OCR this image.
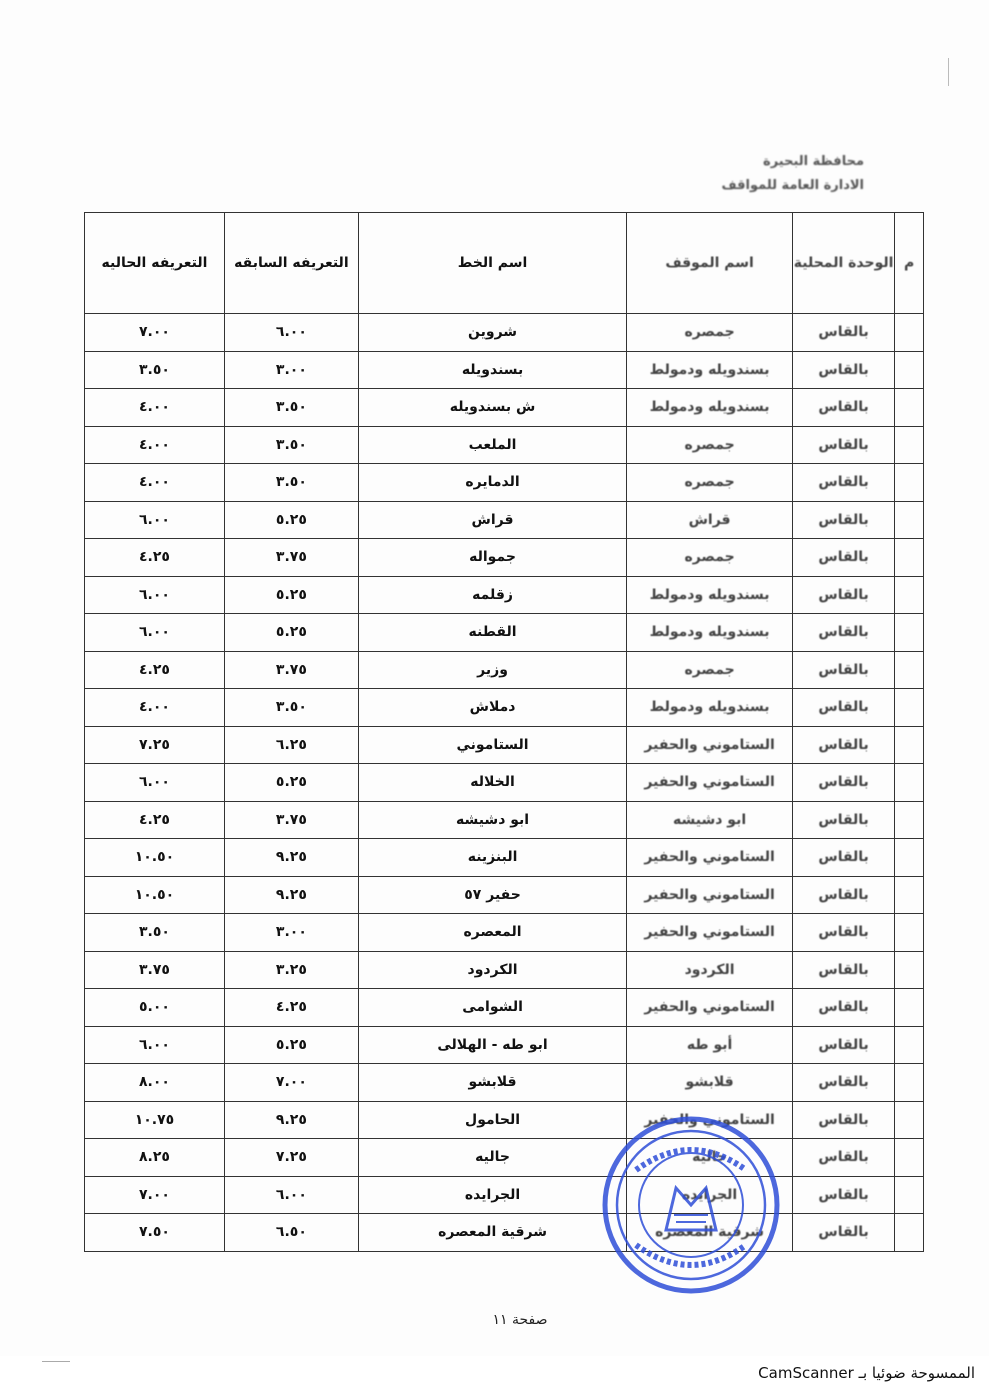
محافظة البحيرة
الادارة العامة للمواقف
م	الوحدة المحلية	اسم الموقف	اسم الخط	التعريفه السابقه	التعريفه الحاليه
	بالقاس	جمصره	شروين	٦.٠٠	٧.٠٠
	بالقاس	بسندويله ودمولط	بسندويله	٣.٠٠	٣.٥٠
	بالقاس	بسندويله ودمولط	ش بسندويله	٣.٥٠	٤.٠٠
	بالقاس	جمصره	الملعب	٣.٥٠	٤.٠٠
	بالقاس	جمصره	الدمايره	٣.٥٠	٤.٠٠
	بالقاس	قراش	قراش	٥.٢٥	٦.٠٠
	بالقاس	جمصره	جمواله	٣.٧٥	٤.٢٥
	بالقاس	بسندويله ودمولط	زقلمه	٥.٢٥	٦.٠٠
	بالقاس	بسندويله ودمولط	القطنه	٥.٢٥	٦.٠٠
	بالقاس	جمصره	وزير	٣.٧٥	٤.٢٥
	بالقاس	بسندويله ودمولط	دملاش	٣.٥٠	٤.٠٠
	بالقاس	الستاموني والحفير	الستاموني	٦.٢٥	٧.٢٥
	بالقاس	الستاموني والحفير	الخلاله	٥.٢٥	٦.٠٠
	بالقاس	ابو دشيشه	ابو دشيشه	٣.٧٥	٤.٢٥
	بالقاس	الستاموني والحفير	البنزينه	٩.٢٥	١٠.٥٠
	بالقاس	الستاموني والحفير	حفير ٥٧	٩.٢٥	١٠.٥٠
	بالقاس	الستاموني والحفير	المعصره	٣.٠٠	٣.٥٠
	بالقاس	الكردود	الكردود	٣.٢٥	٣.٧٥
	بالقاس	الستاموني والحفير	الشوامى	٤.٢٥	٥.٠٠
	بالقاس	أبو طه	ابو طه - الهلالى	٥.٢٥	٦.٠٠
	بالقاس	قلابشو	قلابشو	٧.٠٠	٨.٠٠
	بالقاس	الستاموني والحفير	الحامول	٩.٢٥	١٠.٧٥
	بالقاس	جاليه	جاليه	٧.٢٥	٨.٢٥
	بالقاس	الجرايده	الجرايده	٦.٠٠	٧.٠٠
	بالقاس	شرقية المعصره	شرقية المعصره	٦.٥٠	٧.٥٠
صفحة ١١
الممسوحة ضوئيا بـ CamScanner
